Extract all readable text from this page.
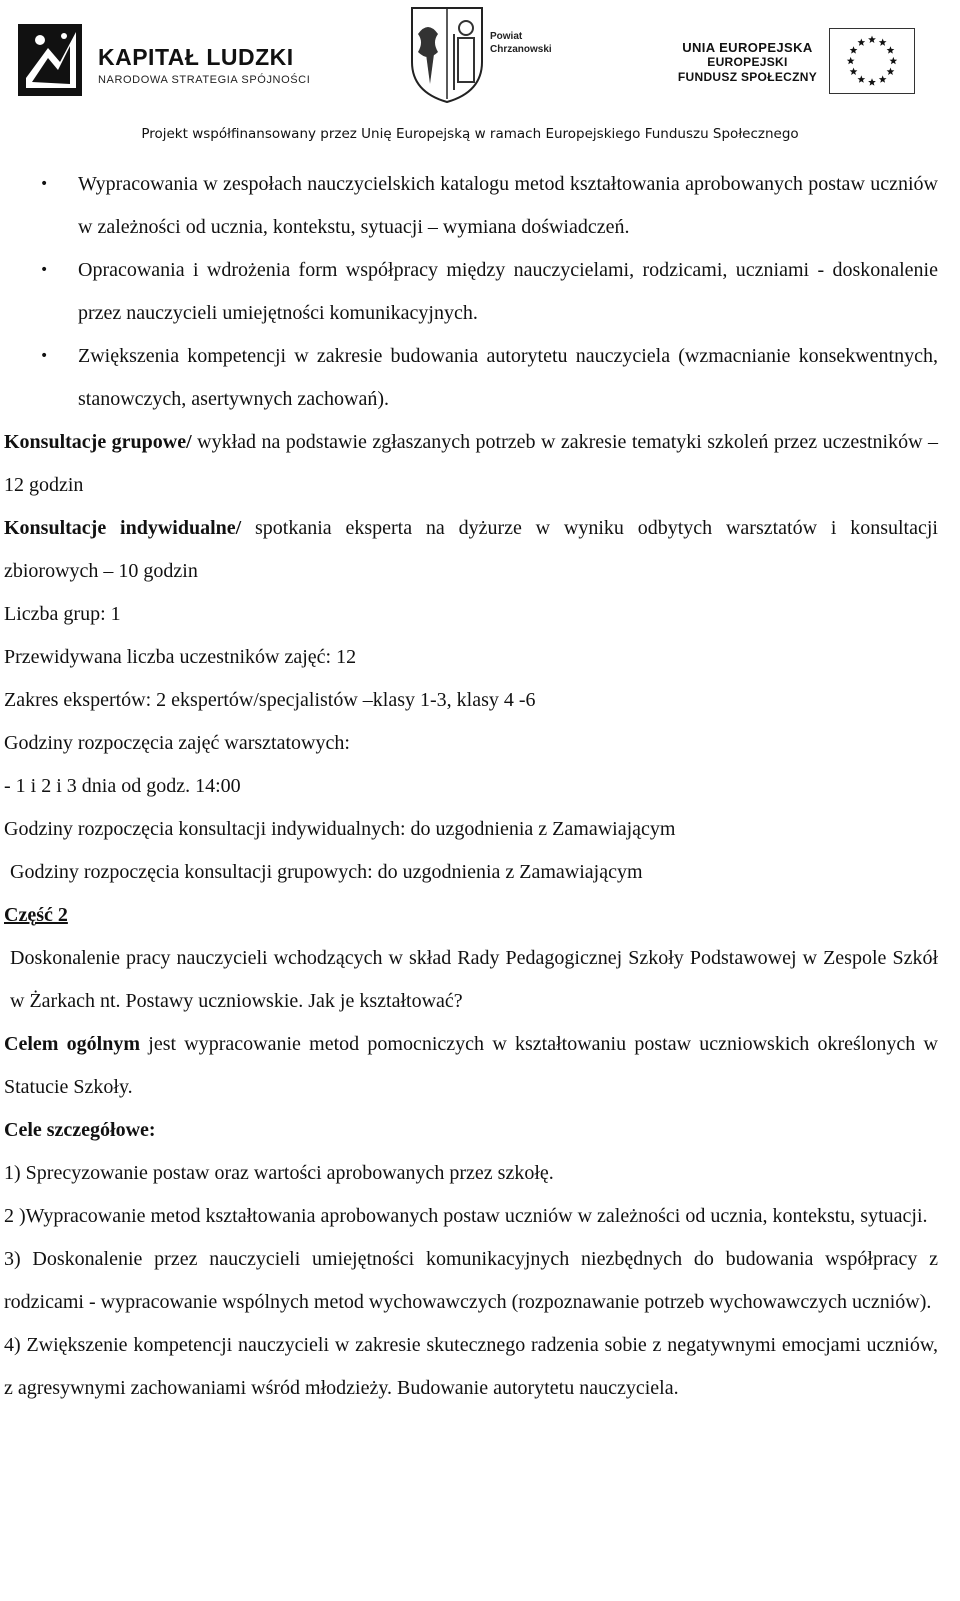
KAPITAŁ LUDZKI
NARODOWA STRATEGIA SPÓJNOŚCI
Powiat
Chrzanowski	UNIA EUROPEJSKA
EUROPEJSKI
FUNDUSZ SPOŁECZNY
Projekt współfinansowany przez Unię Europejską w ramach Europejskiego Funduszu Społecznego
• Wypracowania w zespołach nauczycielskich katalogu metod kształtowania aprobowanych postaw uczniów w zależności od ucznia, kontekstu, sytuacji – wymiana doświadczeń.
• Opracowania i wdrożenia form współpracy między nauczycielami, rodzicami, uczniami - doskonalenie przez nauczycieli umiejętności komunikacyjnych.
• Zwiększenia kompetencji w zakresie budowania autorytetu nauczyciela (wzmacnianie konsekwentnych, stanowczych, asertywnych zachowań).

Konsultacje grupowe/ wykład na podstawie zgłaszanych potrzeb w zakresie tematyki szkoleń przez uczestników – 12 godzin

Konsultacje indywidualne/ spotkania eksperta na dyżurze w wyniku odbytych warsztatów i konsultacji zbiorowych – 10 godzin

Liczba grup: 1

Przewidywana liczba uczestników zajęć: 12

Zakres ekspertów: 2 ekspertów/specjalistów –klasy 1-3, klasy 4 -6

Godziny rozpoczęcia zajęć warsztatowych:

- 1 i 2 i 3 dnia od godz. 14:00

Godziny rozpoczęcia konsultacji indywidualnych: do uzgodnienia z Zamawiającym

Godziny rozpoczęcia konsultacji grupowych: do uzgodnienia z Zamawiającym

Część 2

Doskonalenie pracy nauczycieli wchodzących w skład Rady Pedagogicznej Szkoły Podstawowej w Zespole Szkół w Żarkach nt. Postawy uczniowskie. Jak je kształtować?

Celem ogólnym jest wypracowanie metod pomocniczych w kształtowaniu postaw uczniowskich określonych w Statucie Szkoły.

Cele szczegółowe:

1) Sprecyzowanie postaw oraz wartości aprobowanych przez szkołę.

2 )Wypracowanie metod kształtowania aprobowanych postaw uczniów w zależności od ucznia, kontekstu, sytuacji.

3) Doskonalenie przez nauczycieli umiejętności komunikacyjnych niezbędnych do budowania współpracy z rodzicami - wypracowanie wspólnych metod wychowawczych (rozpoznawanie potrzeb wychowawczych uczniów).

4) Zwiększenie kompetencji nauczycieli w zakresie skutecznego radzenia sobie z negatywnymi emocjami uczniów, z agresywnymi zachowaniami wśród młodzieży. Budowanie autorytetu nauczyciela.
